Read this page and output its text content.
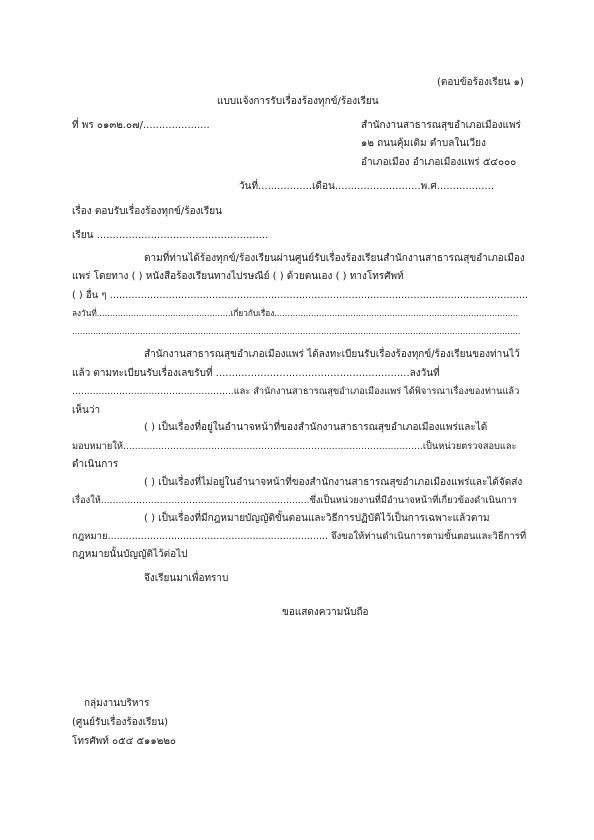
(ตอบข้อร้องเรียน ๑)
แบบแจ้งการรับเรื่องร้องทุกข์/ร้องเรียน
ที่ พร ๐๑๓๒.๐๗/.....................	สำนักงานสาธารณสุขอำเภอเมืองแพร่
๑๒ ถนนคุ้มเดิม ตำบลในเวียง
อำเภอเมือง อำเภอเมืองแพร่ ๕๔๐๐๐
วันที่.................เดือน...........................พ.ศ..................
เรื่อง ตอบรับเรื่องร้องทุกข์/ร้องเรียน
เรียน ......................................................
ตามที่ท่านได้ร้องทุกข์/ร้องเรียนผ่านศูนย์รับเรื่องร้องเรียนสำนักงานสาธารณสุขอำเภอเมือง
แพร่ โดยทาง ( ) หนังสือร้องเรียนทางไปรษณีย์ ( ) ด้วยตนเอง ( ) ทางโทรศัพท์
( ) อื่น ๆ .......................................................................................................................................
ลงวันที่...................................................เกี่ยวกับเรื่อง.............................................................................................
...........................................................................................................................................................................
สำนักงานสาธารณสุขอำเภอเมืองแพร่ ได้ลงทะเบียนรับเรื่องร้องทุกข์/ร้องเรียนของท่านไว้
แล้ว ตามทะเบียนรับเรื่องเลขรับที่ .............................................................ลงวันที่
.......................................................และ สำนักงานสาธารณสุขอำเภอเมืองแพร่ ได้พิจารณาเรื่องของท่านแล้ว
เห็นว่า
( ) เป็นเรื่องที่อยู่ในอำนาจหน้าที่ของสำนักงานสาธารณสุขอำเภอเมืองแพร่และได้
มอบหมายให้......................................................................................................เป็นหน่วยตรวจสอบและ
ดำเนินการ
( ) เป็นเรื่องที่ไม่อยู่ในอำนาจหน้าที่ของสำนักงานสาธารณสุขอำเภอเมืองแพร่และได้จัดส่ง
เรื่องให้.......................................................................ซึ่งเป็นหน่วยงานที่มีอำนาจหน้าที่เกี่ยวข้องดำเนินการ
( ) เป็นเรื่องที่มีกฎหมายบัญญัติขั้นตอนและวิธีการปฏิบัติไว้เป็นการเฉพาะแล้วตาม
กฎหมาย......................................................................... จึงขอให้ท่านดำเนินการตามขั้นตอนและวิธีการที่
กฎหมายนั้นบัญญัติไว้ต่อไป
จึงเรียนมาเพื่อทราบ
ขอแสดงความนับถือ
กลุ่มงานบริหาร
(ศูนย์รับเรื่องร้องเรียน)
โทรศัพท์ ๐๕๔ ๕๑๑๒๒๐
